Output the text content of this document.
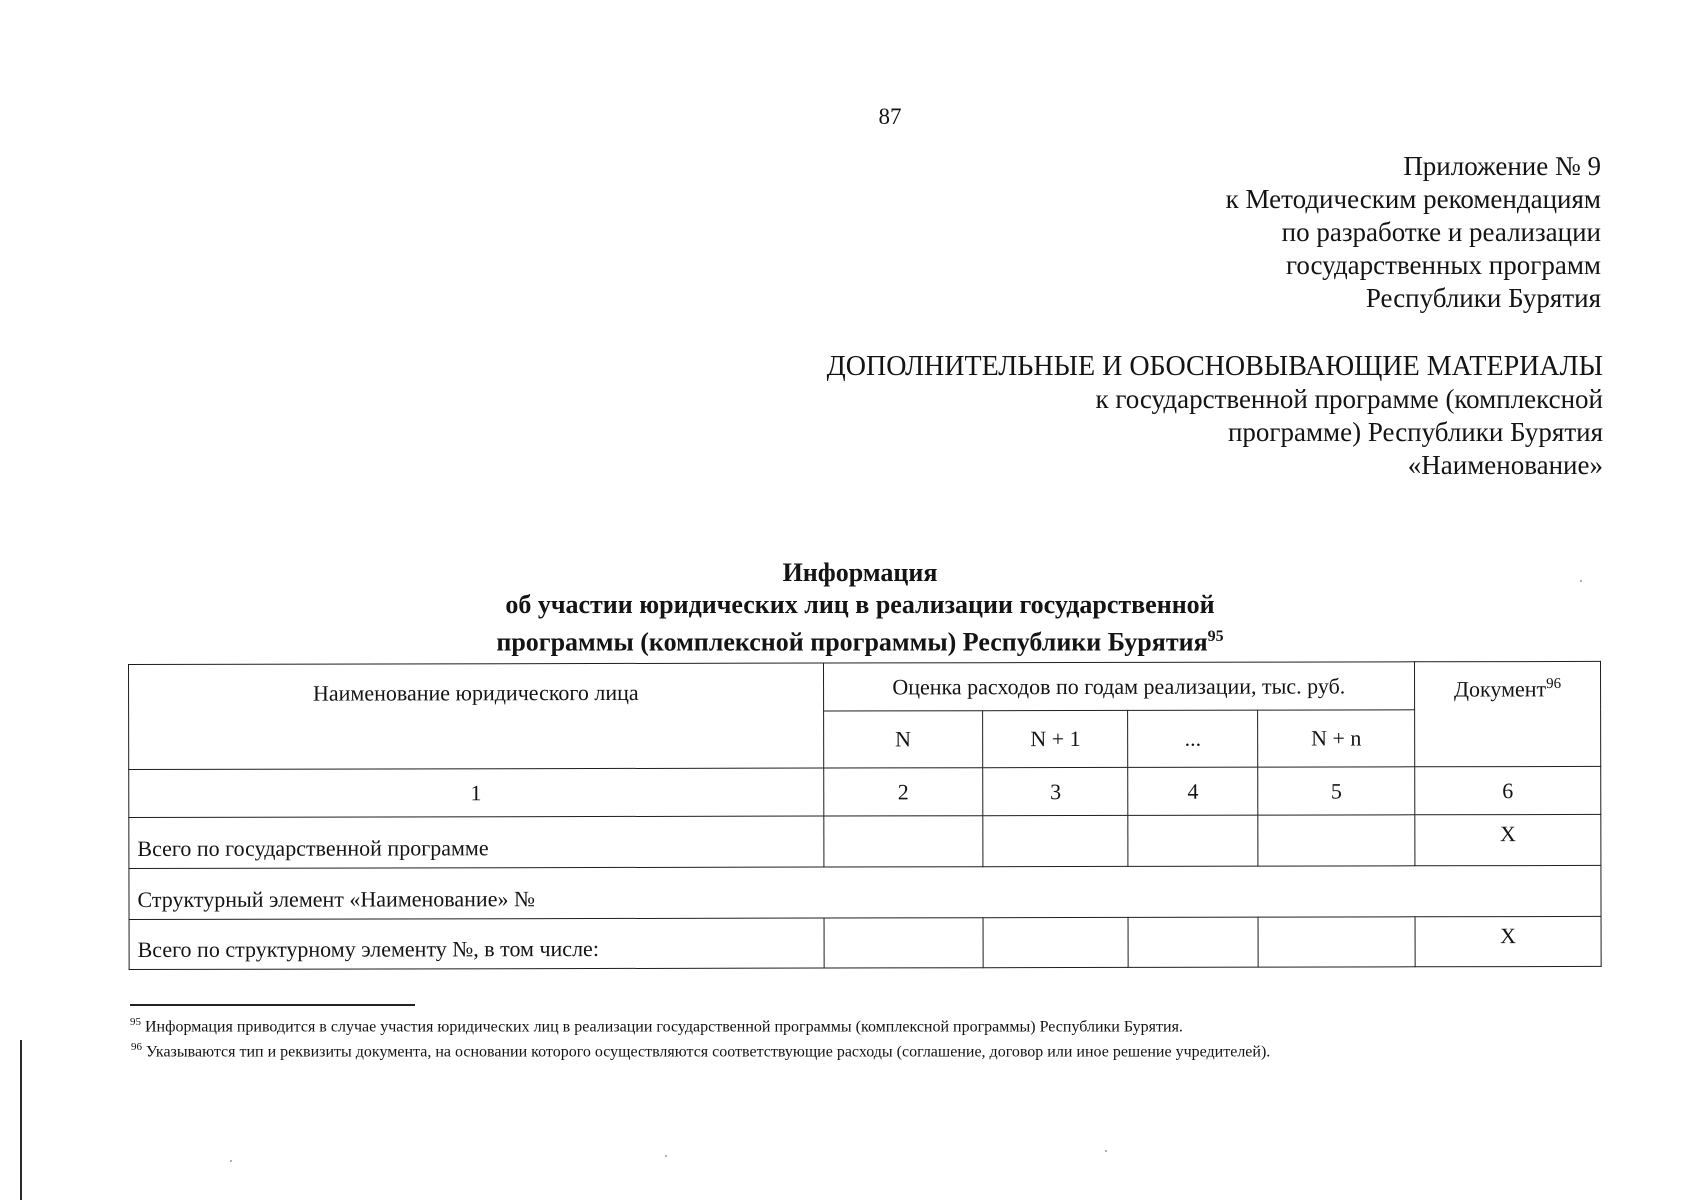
87
Приложение № 9
к Методическим рекомендациям
по разработке и реализации
государственных программ
Республики Бурятия
ДОПОЛНИТЕЛЬНЫЕ И ОБОСНОВЫВАЮЩИЕ МАТЕРИАЛЫ
к государственной программе (комплексной
программе) Республики Бурятия
«Наименование»
Информация
об участии юридических лиц в реализации государственной
программы (комплексной программы) Республики Бурятия$^{95}$
Наименование юридического лица	Оценка расходов по годам реализации, тыс. руб.				Документ$^{96}$
	N	N + 1	...	N + n	
1	2	3	4	5	6
Всего по государственной программе					X
Структурный элемент «Наименование» №					
Всего по структурному элементу №, в том числе:					X
$^{95}$ Информация приводится в случае участия юридических лиц в реализации государственной программы (комплексной программы) Республики Бурятия.
$^{96}$ Указываются тип и реквизиты документа, на основании которого осуществляются соответствующие расходы (соглашение, договор или иное решение учредителей).
